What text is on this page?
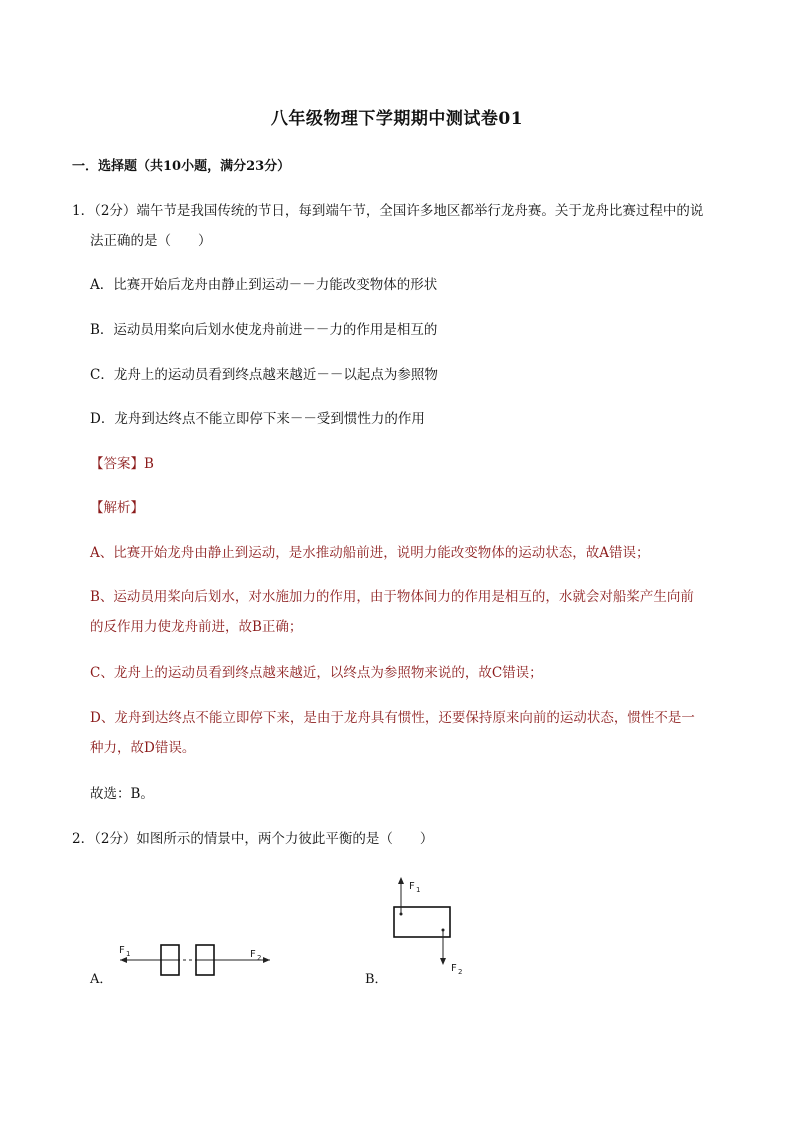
八年级物理下学期期中测试卷01
一．选择题（共10小题，满分23分）
1．（2分）端午节是我国传统的节日，每到端午节，全国许多地区都举行龙舟赛。关于龙舟比赛过程中的说
法正确的是（　　）
A．比赛开始后龙舟由静止到运动－－力能改变物体的形状
B．运动员用桨向后划水使龙舟前进－－力的作用是相互的
C．龙舟上的运动员看到终点越来越近－－以起点为参照物
D．龙舟到达终点不能立即停下来－－受到惯性力的作用
【答案】B
【解析】
A、比赛开始龙舟由静止到运动，是水推动船前进，说明力能改变物体的运动状态，故A错误；
B、运动员用桨向后划水，对水施加力的作用，由于物体间力的作用是相互的，水就会对船桨产生向前
的反作用力使龙舟前进，故B正确；
C、龙舟上的运动员看到终点越来越近，以终点为参照物来说的，故C错误；
D、龙舟到达终点不能立即停下来，是由于龙舟具有惯性，还要保持原来向前的运动状态，惯性不是一
种力，故D错误。
故选：B。
2．（2分）如图所示的情景中，两个力彼此平衡的是（　　）
A．
F 1	F 2
B．
F 1
F 2
